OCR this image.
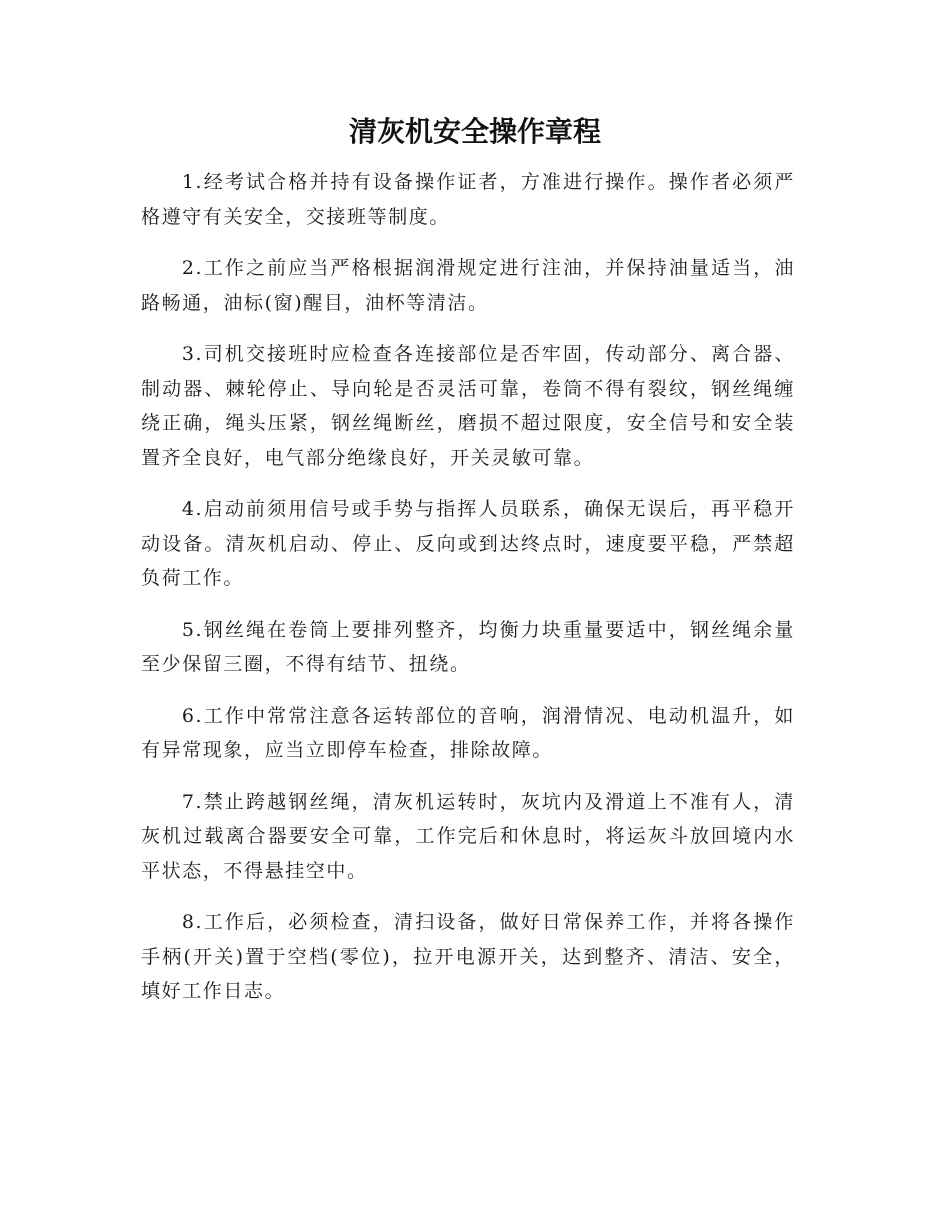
清灰机安全操作章程

1.经考试合格并持有设备操作证者，方准进行操作。操作者必须严格遵守有关安全，交接班等制度。

2.工作之前应当严格根据润滑规定进行注油，并保持油量适当，油路畅通，油标(窗)醒目，油杯等清洁。

3.司机交接班时应检查各连接部位是否牢固，传动部分、离合器、制动器、棘轮停止、导向轮是否灵活可靠，卷筒不得有裂纹，钢丝绳缠绕正确，绳头压紧，钢丝绳断丝，磨损不超过限度，安全信号和安全装置齐全良好，电气部分绝缘良好，开关灵敏可靠。

4.启动前须用信号或手势与指挥人员联系，确保无误后，再平稳开动设备。清灰机启动、停止、反向或到达终点时，速度要平稳，严禁超负荷工作。

5.钢丝绳在卷筒上要排列整齐，均衡力块重量要适中，钢丝绳余量至少保留三圈，不得有结节、扭绕。

6.工作中常常注意各运转部位的音响，润滑情况、电动机温升，如有异常现象，应当立即停车检查，排除故障。

7.禁止跨越钢丝绳，清灰机运转时，灰坑内及滑道上不准有人，清灰机过载离合器要安全可靠，工作完后和休息时，将运灰斗放回境内水平状态，不得悬挂空中。

8.工作后，必须检查，清扫设备，做好日常保养工作，并将各操作手柄(开关)置于空档(零位)，拉开电源开关，达到整齐、清洁、安全，填好工作日志。
